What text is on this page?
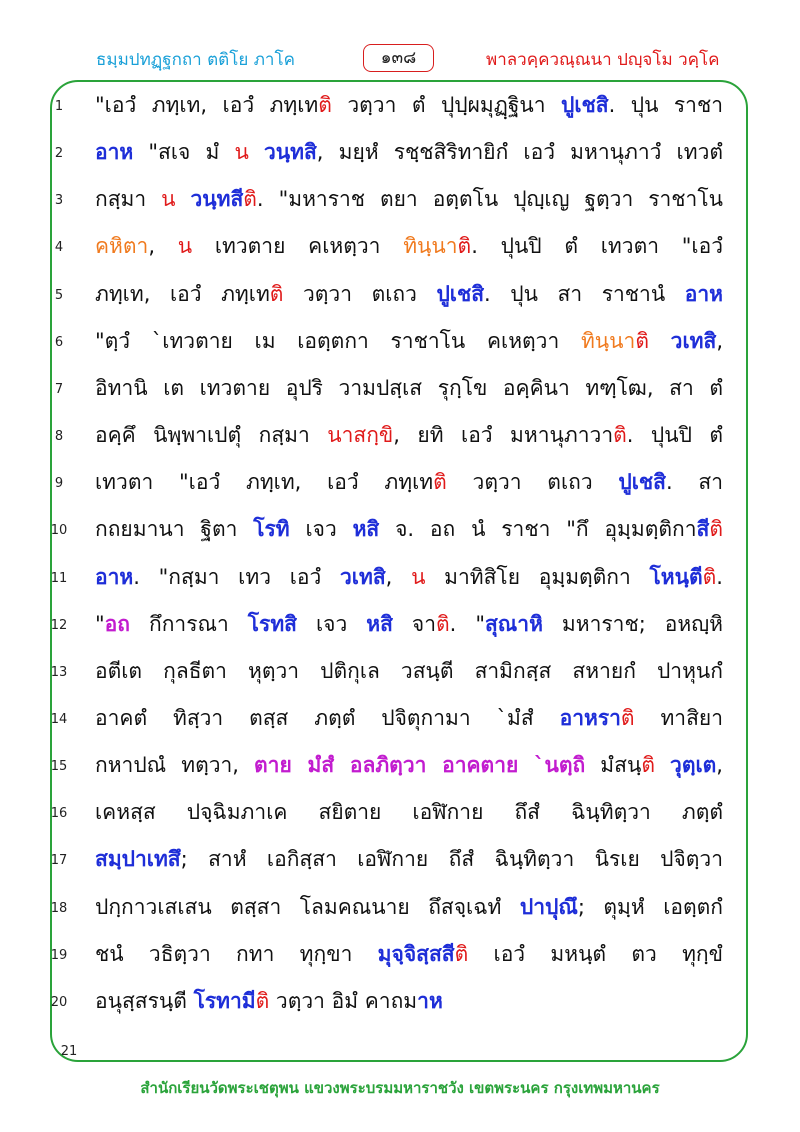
ธมฺมปทฏฺฐกถา ตติโย ภาโค	๑๓๘	พาลวคฺควณฺณนา ปญฺจโม วคฺโค
1	"เอวํ ภทฺเท, เอวํ ภทฺเทติ วตฺวา ตํ ปุปฺผมุฏฺฐินา ปูเชสิ. ปุน ราชา
2	อาห "สเจ มํ น วนฺทสิ, มยฺหํ รชฺชสิริทายิกํ เอวํ มหานุภาวํ เทวตํ
3	กสฺมา น วนฺทสีติ. "มหาราช ตยา อตฺตโน ปุญฺเญ ฐตฺวา ราชาโน
4	คหิตา, น เทวตาย คเหตฺวา ทินฺนาติ. ปุนปิ ตํ เทวตา "เอวํ
5	ภทฺเท, เอวํ ภทฺเทติ วตฺวา ตเถว ปูเชสิ. ปุน สา ราชานํ อาห
6	"ตฺวํ `เทวตาย เม เอตฺตกา ราชาโน คเหตฺวา ทินฺนาติ วเทสิ,
7	อิทานิ เต เทวตาย อุปริ วามปสฺเส รุกฺโข อคฺคินา ทฑฺโฒ, สา ตํ
8	อคฺคึ นิพฺพาเปตุํ กสฺมา นาสกฺขิ, ยทิ เอวํ มหานุภาวาติ. ปุนปิ ตํ
9	เทวตา "เอวํ ภทฺเท, เอวํ ภทฺเทติ วตฺวา ตเถว ปูเชสิ. สา
10	กถยมานา ฐิตา โรทิ เจว หสิ จ. อถ นํ ราชา "กึ อุมฺมตฺติกาสีติ
11	อาห. "กสฺมา เทว เอวํ วเทสิ, น มาทิสิโย อุมฺมตฺติกา โหนฺตีติ.
12	"อถ กึการณา โรทสิ เจว หสิ จาติ. "สุณาหิ มหาราช; อหญฺหิ
13	อตีเต กุลธีตา หุตฺวา ปติกุเล วสนฺตี สามิกสฺส สหายกํ ปาหุนกํ
14	อาคตํ ทิสฺวา ตสฺส ภตฺตํ ปจิตุกามา `มํสํ อาหราติ ทาสิยา
15	กหาปณํ ทตฺวา, ตาย มํสํ อลภิตฺวา อาคตาย `นตฺถิ มํสนฺติ วุตฺเต,
16	เคหสฺส ปจฺฉิมภาเค สยิตาย เอฬิกาย ถึสํ ฉินฺทิตฺวา ภตฺตํ
17	สมฺปาเทสึ; สาหํ เอกิสฺสา เอฬิกาย ถึสํ ฉินฺทิตฺวา นิรเย ปจิตฺวา
18	ปกฺกาวเสเสน ตสฺสา โลมคณนาย ถึสจฺเฉทํ ปาปุณึ; ตุมฺหํ เอตฺตกํ
19	ชนํ วธิตฺวา กทา ทุกฺขา มุจฺจิสฺสสีติ เอวํ มหนฺตํ ตว ทุกฺขํ
20	อนุสฺสรนฺตี โรทามีติ วตฺวา อิมํ คาถมาห
21
สำนักเรียนวัดพระเชตุพน แขวงพระบรมมหาราชวัง เขตพระนคร กรุงเทพมหานคร
